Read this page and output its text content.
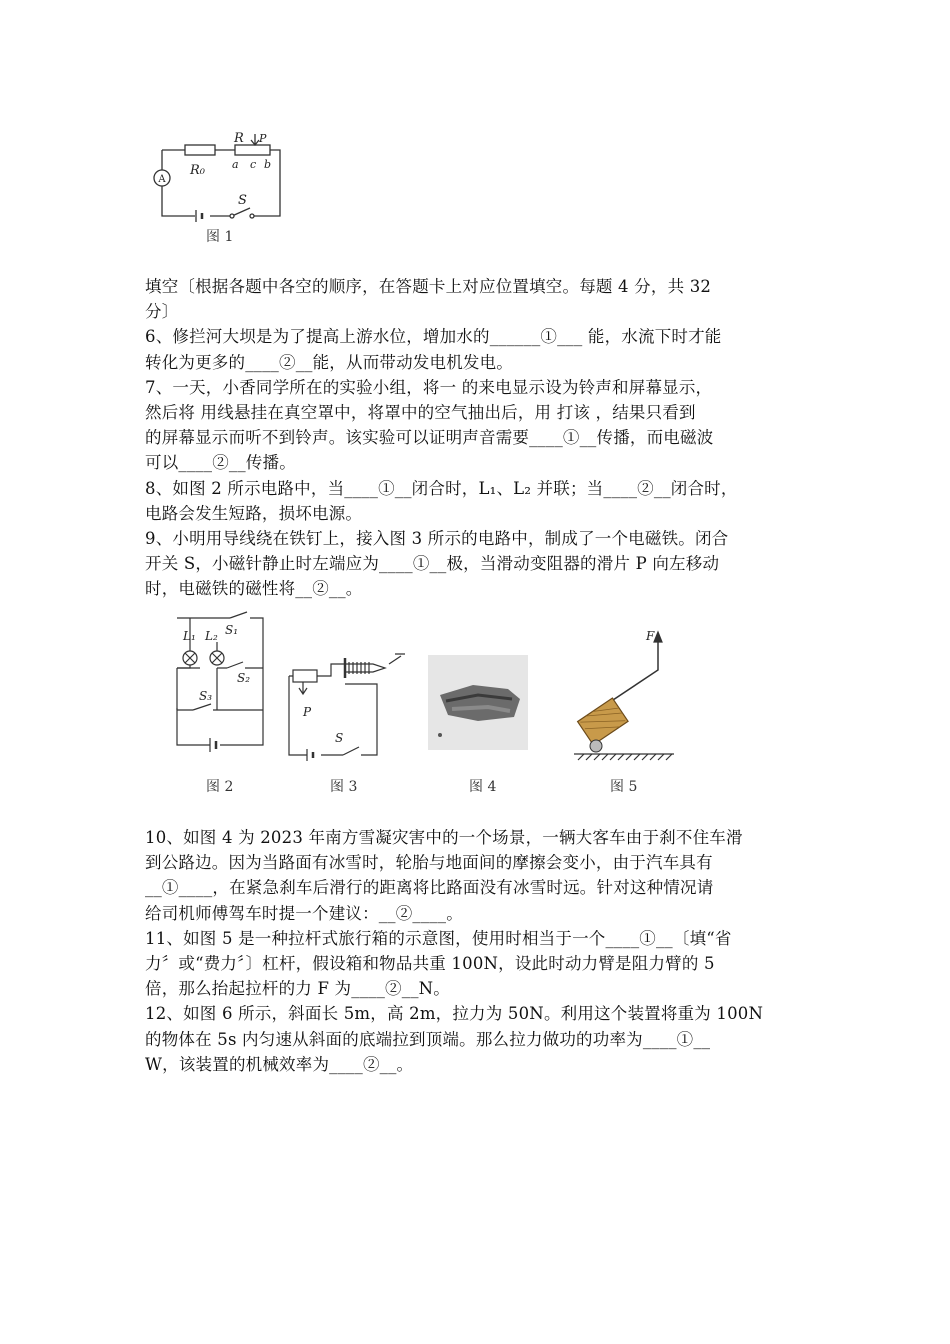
A
R₀
R P
a c b
S
图 1

填空〔根据各题中各空的顺序，在答题卡上对应位置填空。每题 4 分，共 32
分〕

6、修拦河大坝是为了提高上游水位，增加水的______①___ 能，水流下时才能
转化为更多的____②__能，从而带动发电机发电。

7、一天，小香同学所在的实验小组，将一 的来电显示设为铃声和屏幕显示，
然后将 用线悬挂在真空罩中，将罩中的空气抽出后，用 打该 ，结果只看到
的屏幕显示而听不到铃声。该实验可以证明声音需要____①__传播，而电磁波
可以____②__传播。

8、如图 2 所示电路中，当____①__闭合时，L₁、L₂ 并联；当____②__闭合时，
电路会发生短路，损坏电源。

9、小明用导线绕在铁钉上，接入图 3 所示的电路中，制成了一个电磁铁。闭合
开关 S，小磁针静止时左端应为____①__极，当滑动变阻器的滑片 P 向左移动
时，电磁铁的磁性将__②__。

L₁ L₂ S₁
S₂
S₃
图 2
P
S
图 3	图 4
F
图 5

10、如图 4 为 2023 年南方雪凝灾害中的一个场景，一辆大客车由于刹不住车滑
到公路边。因为当路面有冰雪时，轮胎与地面间的摩擦会变小，由于汽车具有
__①____，在紧急刹车后滑行的距离将比路面没有冰雪时远。针对这种情况请
给司机师傅驾车时提一个建议：__②____。

11、如图 5 是一种拉杆式旅行箱的示意图，使用时相当于一个____①__〔填“省
力〞或“费力〞〕杠杆，假设箱和物品共重 100N，设此时动力臂是阻力臂的 5
倍，那么抬起拉杆的力 F 为____②__N。

12、如图 6 所示，斜面长 5m，高 2m，拉力为 50N。利用这个装置将重为 100N
的物体在 5s 内匀速从斜面的底端拉到顶端。那么拉力做功的功率为____①__
W，该装置的机械效率为____②__。
